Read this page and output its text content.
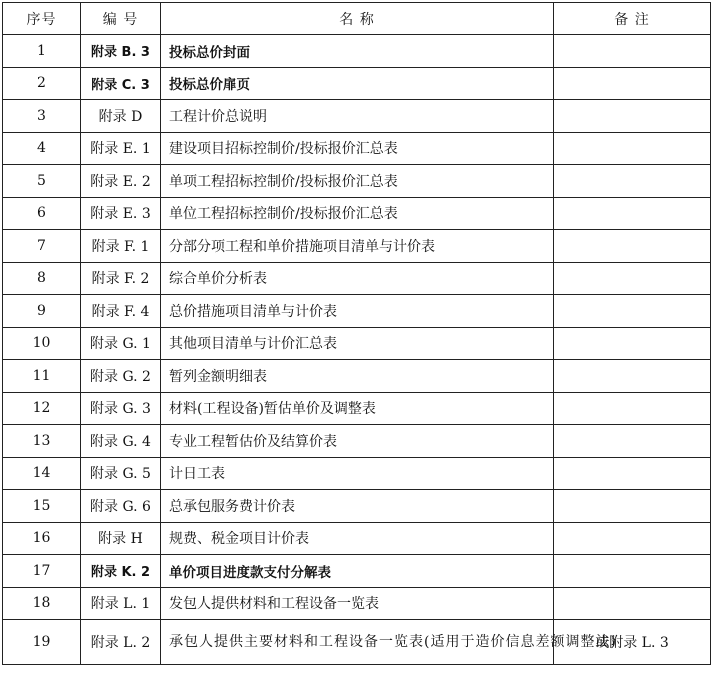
序号	编 号	名 称	备 注
1	附录 B. 3	投标总价封面	
2	附录 C. 3	投标总价扉页	
3	附录 D	工程计价总说明	
4	附录 E. 1	建设项目招标控制价/投标报价汇总表	
5	附录 E. 2	单项工程招标控制价/投标报价汇总表	
6	附录 E. 3	单位工程招标控制价/投标报价汇总表	
7	附录 F. 1	分部分项工程和单价措施项目清单与计价表	
8	附录 F. 2	综合单价分析表	
9	附录 F. 4	总价措施项目清单与计价表	
10	附录 G. 1	其他项目清单与计价汇总表	
11	附录 G. 2	暂列金额明细表	
12	附录 G. 3	材料(工程设备)暂估单价及调整表	
13	附录 G. 4	专业工程暂估价及结算价表	
14	附录 G. 5	计日工表	
15	附录 G. 6	总承包服务费计价表	
16	附录 H	规费、税金项目计价表	
17	附录 K. 2	单价项目进度款支付分解表	
18	附录 L. 1	发包人提供材料和工程设备一览表	
19	附录 L. 2	承包人提供主要材料和工程设备一览表(适用于造价信息差额调整法)	或附录 L. 3
